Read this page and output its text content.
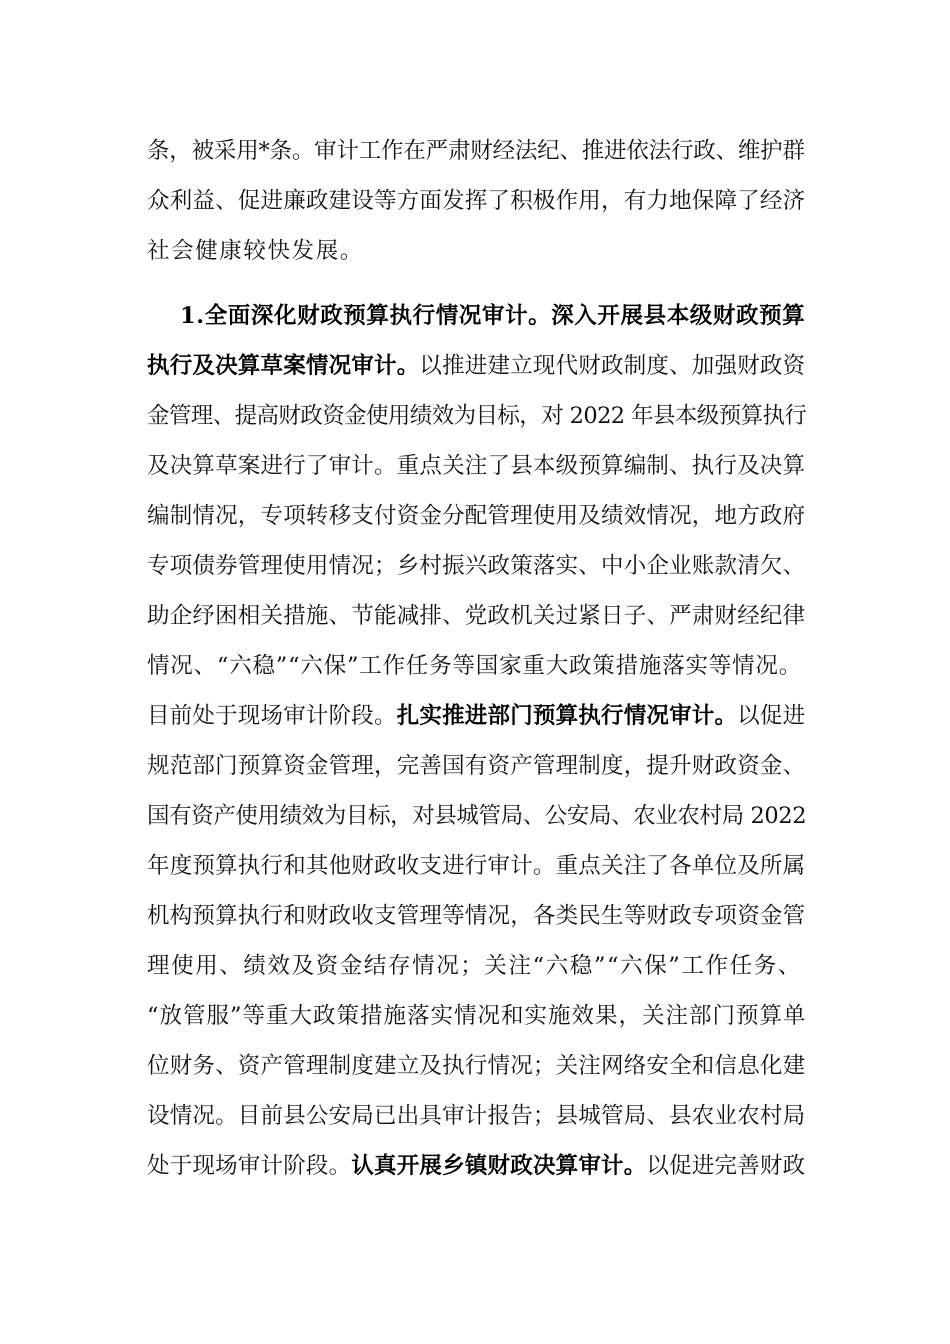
条，被采用*条。审计工作在严肃财经法纪、推进依法行政、维护群
众利益、促进廉政建设等方面发挥了积极作用，有力地保障了经济
社会健康较快发展。
1.全面深化财政预算执行情况审计。深入开展县本级财政预算
执行及决算草案情况审计。以推进建立现代财政制度、加强财政资
金管理、提高财政资金使用绩效为目标，对 2022 年县本级预算执行
及决算草案进行了审计。重点关注了县本级预算编制、执行及决算
编制情况，专项转移支付资金分配管理使用及绩效情况，地方政府
专项债券管理使用情况；乡村振兴政策落实、中小企业账款清欠、
助企纾困相关措施、节能减排、党政机关过紧日子、严肃财经纪律
情况、“六稳”“六保”工作任务等国家重大政策措施落实等情况。
目前处于现场审计阶段。扎实推进部门预算执行情况审计。以促进
规范部门预算资金管理，完善国有资产管理制度，提升财政资金、
国有资产使用绩效为目标，对县城管局、公安局、农业农村局 2022
年度预算执行和其他财政收支进行审计。重点关注了各单位及所属
机构预算执行和财政收支管理等情况，各类民生等财政专项资金管
理使用、绩效及资金结存情况；关注“六稳”“六保”工作任务、
“放管服”等重大政策措施落实情况和实施效果，关注部门预算单
位财务、资产管理制度建立及执行情况；关注网络安全和信息化建
设情况。目前县公安局已出具审计报告；县城管局、县农业农村局
处于现场审计阶段。认真开展乡镇财政决算审计。以促进完善财政
